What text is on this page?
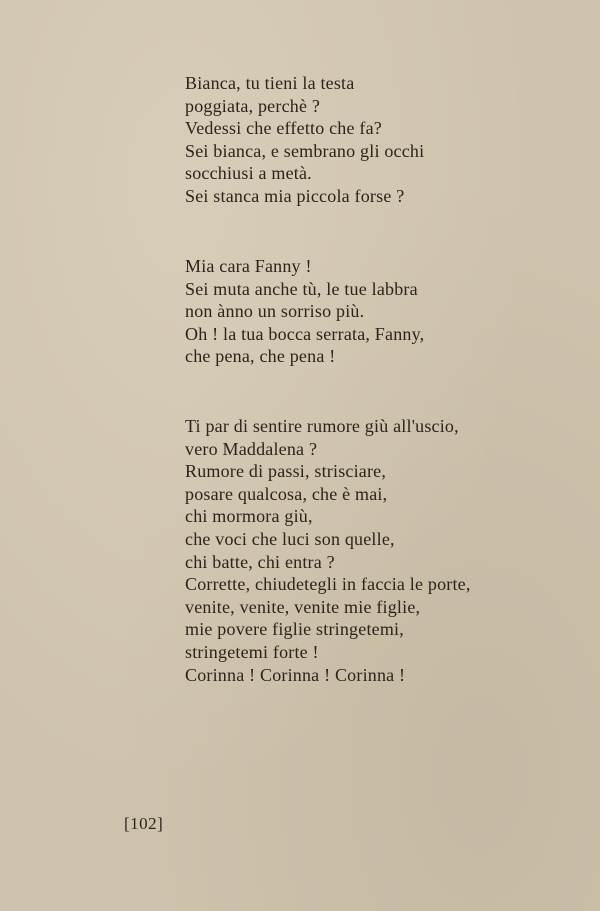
Bianca, tu tieni la testa
poggiata, perchè ?
Vedessi che effetto che fa?
Sei bianca, e sembrano gli occhi
socchiusi a metà.
Sei stanca mia piccola forse ?
Mia cara Fanny !
Sei muta anche tù, le tue labbra
non ànno un sorriso più.
Oh ! la tua bocca serrata, Fanny,
che pena, che pena !
Ti par di sentire rumore giù all'uscio,
vero Maddalena ?
Rumore di passi, strisciare,
posare qualcosa, che è mai,
chi mormora giù,
che voci che luci son quelle,
chi batte, chi entra ?
Corrette, chiudetegli in faccia le porte,
venite, venite, venite mie figlie,
mie povere figlie stringetemi,
stringetemi forte !
Corinna ! Corinna ! Corinna !
[102]
